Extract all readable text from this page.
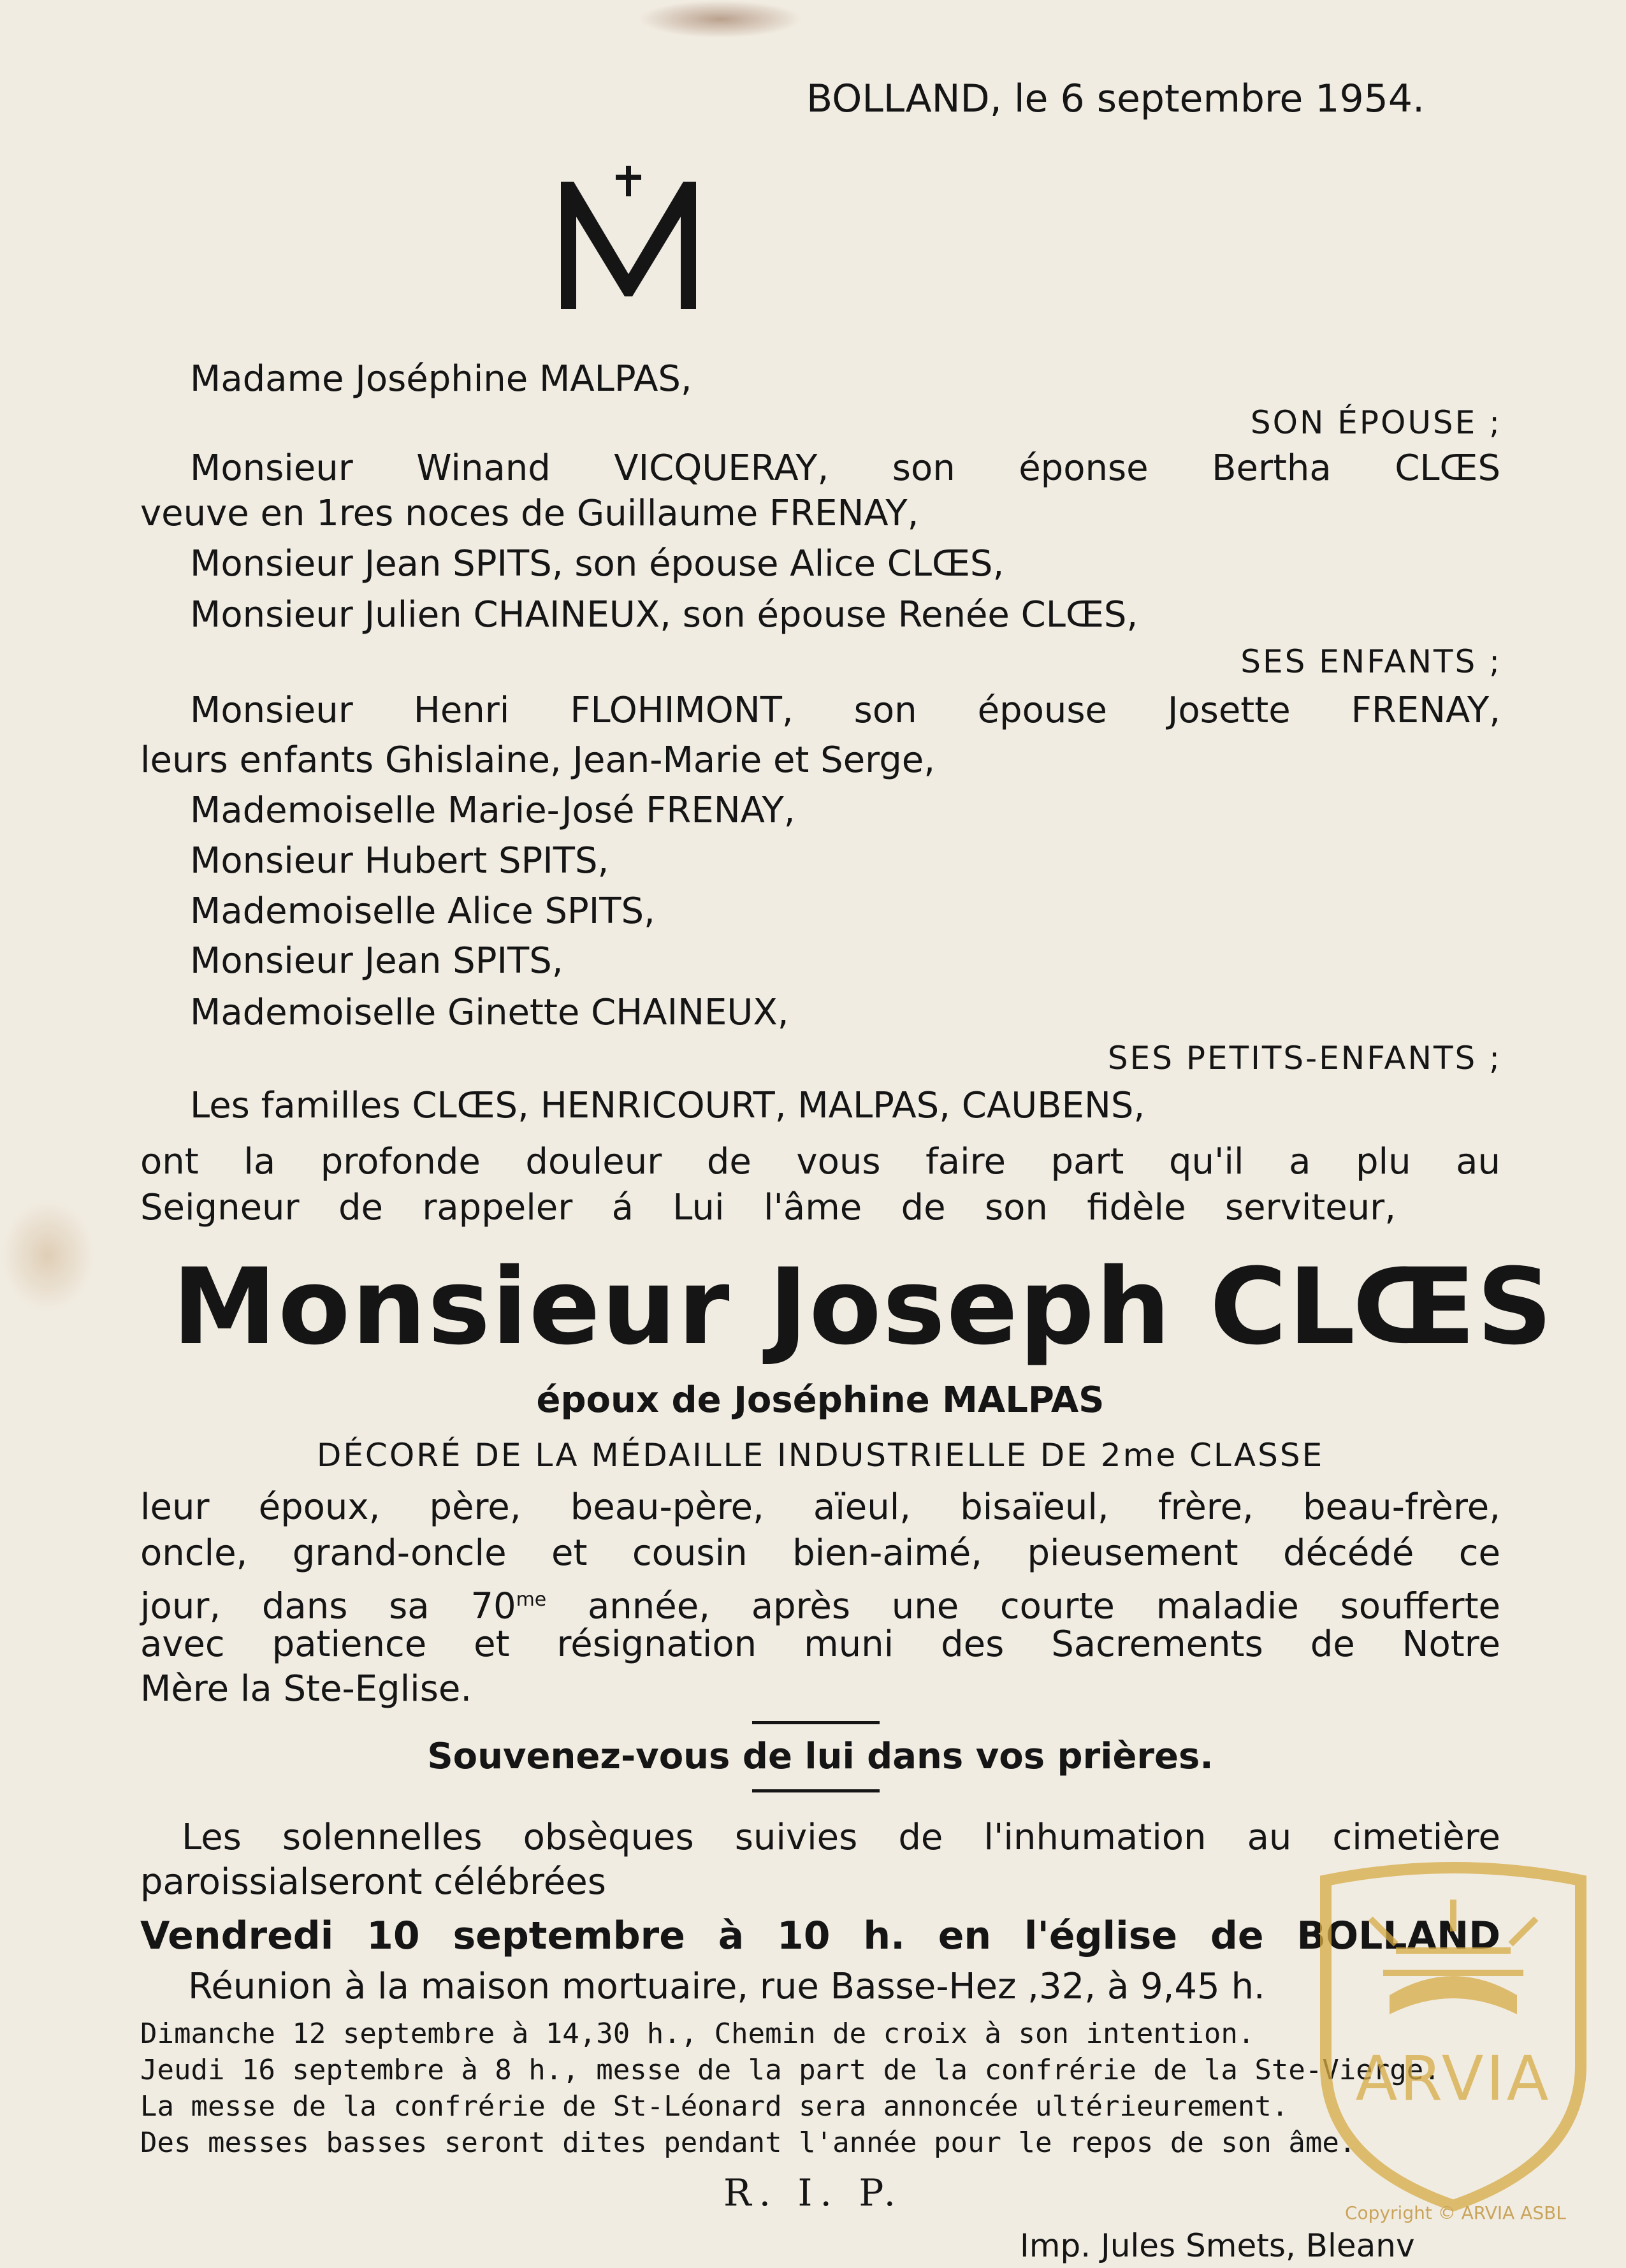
BOLLAND, le 6 septembre 1954.
Madame Joséphine MALPAS,
SON ÉPOUSE ;
Monsieur Winand VICQUERAY, son éponse Bertha CLŒS
veuve en 1res noces de Guillaume FRENAY,
Monsieur Jean SPITS, son épouse Alice CLŒS,
Monsieur Julien CHAINEUX, son épouse Renée CLŒS,
SES ENFANTS ;
Monsieur Henri FLOHIMONT, son épouse Josette FRENAY,
leurs enfants Ghislaine, Jean-Marie et Serge,
Mademoiselle Marie-José FRENAY,
Monsieur Hubert SPITS,
Mademoiselle Alice SPITS,
Monsieur Jean SPITS,
Mademoiselle Ginette CHAINEUX,
SES PETITS-ENFANTS ;
Les familles CLŒS, HENRICOURT, MALPAS, CAUBENS,
ont la profonde douleur de vous faire part qu'il a plu au
Seigneur de rappeler á Lui l'âme de son fidèle serviteur,
Monsieur Joseph CLŒS
époux de Joséphine MALPAS
DÉCORÉ DE LA MÉDAILLE INDUSTRIELLE DE 2me CLASSE
leur époux, père, beau-père, aïeul, bisaïeul, frère, beau-frère,
oncle, grand-oncle et cousin bien-aimé, pieusement décédé ce
jour, dans sa $70^{me}$ année, après une courte maladie soufferte
avec patience et résignation muni des Sacrements de Notre
Mère la Ste-Eglise.
Souvenez-vous de lui dans vos prières.
Les solennelles obsèques suivies de l'inhumation au cimetière
paroissialseront célébrées
Vendredi 10 septembre à 10 h. en l'église de BOLLAND
Réunion à la maison mortuaire, rue Basse-Hez ,32, à 9,45 h.
Dimanche 12 septembre à 14,30 h., Chemin de croix à son intention.
Jeudi 16 septembre à 8 h., messe de la part de la confrérie de la Ste-Vierge.
La messe de la confrérie de St-Léonard sera annoncée ultérieurement.
Des messes basses seront dites pendant l'année pour le repos de son âme.
R. I. P.
Imp. Jules Smets, Bleanv
ARVIA
Copyright © ARVIA ASBL
